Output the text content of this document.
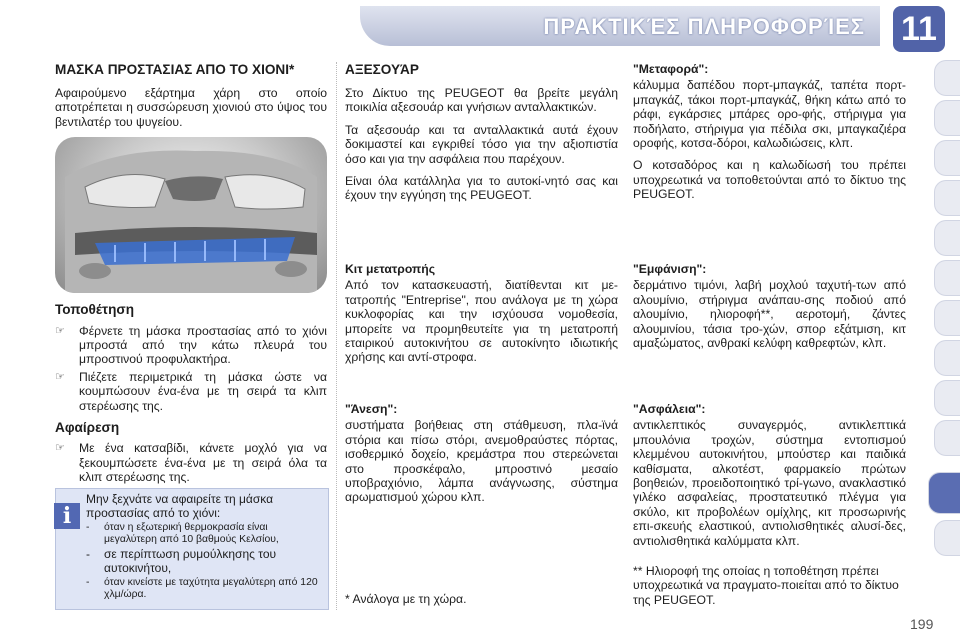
ΠΡΑΚΤΙΚΈΣ ΠΛΗΡΟΦΟΡΊΕΣ 11
ΜΑΣΚΑ ΠΡΟΣΤΑΣΙΑΣ ΑΠΟ ΤΟ ΧΙΟΝΙ*

Αφαιρούμενο εξάρτημα χάρη στο οποίο αποτρέπεται η συσσώρευση χιονιού στο ύψος του βεντιλατέρ του ψυγείου.

Τοποθέτηση
☞ Φέρνετε τη μάσκα προστασίας από το χιόνι μπροστά από την κάτω πλευρά του μπροστινού προφυλακτήρα.
☞ Πιέζετε περιμετρικά τη μάσκα ώστε να κουμπώσουν ένα-ένα με τη σειρά τα κλιπ στερέωσης της.
Αφαίρεση
☞ Με ένα κατσαβίδι, κάνετε μοχλό για να ξεκουμπώσετε ένα-ένα με τη σειρά όλα τα κλιπ στερέωσης της.
i
Μην ξεχνάτε να αφαιρείτε τη μάσκα προστασίας από το χιόνι:
- όταν η εξωτερική θερμοκρασία είναι μεγαλύτερη από 10 βαθμούς Κελσίου,
- σε περίπτωση ρυμούλκησης του αυτοκινήτου,
- όταν κινείστε με ταχύτητα μεγαλύτερη από 120 χλμ/ώρα.
ΑΞΕΣΟΥΆΡ

Στο Δίκτυο της PEUGEOT θα βρείτε μεγάλη ποικιλία αξεσουάρ και γνήσιων ανταλλακτικών.

Τα αξεσουάρ και τα ανταλλακτικά αυτά έχουν δοκιμαστεί και εγκριθεί τόσο για την αξιοπιστία όσο και για την ασφάλεια που παρέχουν.

Είναι όλα κατάλληλα για το αυτοκί-νητό σας και έχουν την εγγύηση της PEUGEOT.

Κιτ μετατροπής

Από τον κατασκευαστή, διατίθενται κιτ με-τατροπής "Entreprise", που ανάλογα με τη χώρα κυκλοφορίας και την ισχύουσα νομοθεσία, μπορείτε να προμηθευτείτε για τη μετατροπή εταιρικού αυτοκινήτου σε αυτοκίνητο ιδιωτικής χρήσης και αντί-στροφα.

"Άνεση":

συστήματα βοήθειας στη στάθμευση, πλα-ϊνά στόρια και πίσω στόρι, ανεμοθραύστες πόρτας, ισοθερμικό δοχείο, κρεμάστρα που στερεώνεται στο προσκέφαλο, μπροστινό μεσαίο υποβραχιόνιο, λάμπα ανάγνωσης, σύστημα αρωματισμού χώρου κλπ.

* Ανάλογα με τη χώρα.
"Μεταφορά":

κάλυμμα δαπέδου πορτ-μπαγκάζ, ταπέτα πορτ-μπαγκάζ, τάκοι πορτ-μπαγκάζ, θήκη κάτω από το ράφι, εγκάρσιες μπάρες ορο-φής, στήριγμα για ποδήλατο, στήριγμα για πέδιλα σκι, μπαγκαζιέρα οροφής, κοτσα-δόροι, καλωδιώσεις, κλπ.

Ο κοτσαδόρος και η καλωδίωσή του πρέπει υποχρεωτικά να τοποθετούνται από το δίκτυο της PEUGEOT.

"Εμφάνιση":

δερμάτινο τιμόνι, λαβή μοχλού ταχυτή-των από αλουμίνιο, στήριγμα ανάπαυ-σης ποδιού από αλουμίνιο, ηλιοροφή**, αεροτομή, ζάντες αλουμινίου, τάσια τρο-χών, σπορ εξάτμιση, κιτ αμαξώματος, ανθρακί κελύφη καθρεφτών, κλπ.

"Ασφάλεια":

αντικλεπτικός συναγερμός, αντικλεπτικά μπουλόνια τροχών, σύστημα εντοπισμού κλεμμένου αυτοκινήτου, μπούστερ και παιδικά καθίσματα, αλκοτέστ, φαρμακείο πρώτων βοηθειών, προειδοποιητικό τρί-γωνο, ανακλαστικό γιλέκο ασφαλείας, προστατευτικό πλέγμα για σκύλο, κιτ προβολέων ομίχλης, κιτ προσωρινής επι-σκευής ελαστικού, αντιολισθητικές αλυσί-δες, αντιολισθητικά καλύμματα κλπ.

** Ηλιοροφή της οποίας η τοποθέτηση πρέπει υποχρεωτικά να πραγματο-ποιείται από το δίκτυο της PEUGEOT.
199
